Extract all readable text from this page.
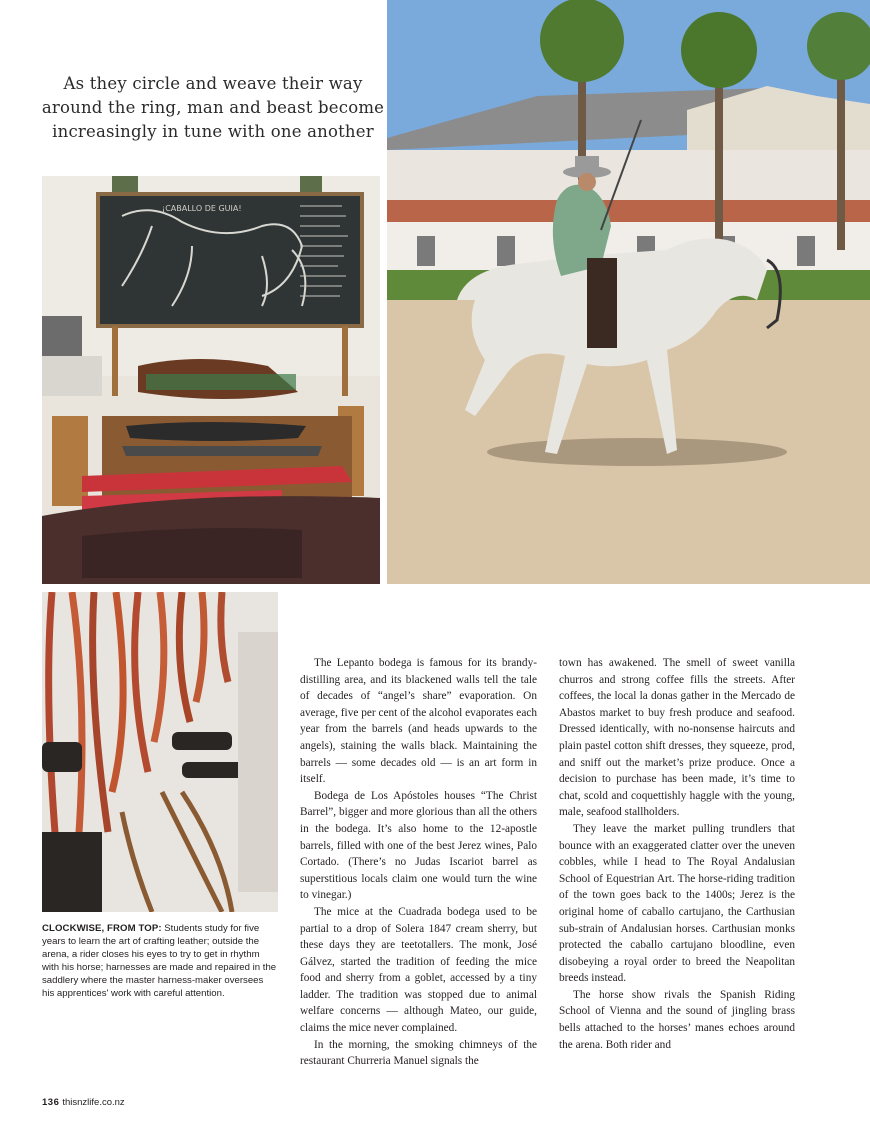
As they circle and weave their way around the ring, man and beast become increasingly in tune with one another
¡CABALLO DE GUIA!
CLOCKWISE, FROM TOP: Students study for five years to learn the art of crafting leather; outside the arena, a rider closes his eyes to try to get in rhythm with his horse; harnesses are made and repaired in the saddlery where the master harness-maker oversees his apprentices' work with careful attention.

The Lepanto bodega is famous for its brandy-distilling area, and its blackened walls tell the tale of decades of “angel’s share” evaporation. On average, five per cent of the alcohol evaporates each year from the barrels (and heads upwards to the angels), staining the walls black. Maintaining the barrels — some decades old — is an art form in itself.

Bodega de Los Apóstoles houses “The Christ Barrel”, bigger and more glorious than all the others in the bodega. It’s also home to the 12-apostle barrels, filled with one of the best Jerez wines, Palo Cortado. (There’s no Judas Iscariot barrel as superstitious locals claim one would turn the wine to vinegar.)

The mice at the Cuadrada bodega used to be partial to a drop of Solera 1847 cream sherry, but these days they are teetotallers. The monk, José Gálvez, started the tradition of feeding the mice food and sherry from a goblet, accessed by a tiny ladder. The tradition was stopped due to animal welfare concerns — although Mateo, our guide, claims the mice never complained.

In the morning, the smoking chimneys of the restaurant Churreria Manuel signals the

town has awakened. The smell of sweet vanilla churros and strong coffee fills the streets. After coffees, the local la donas gather in the Mercado de Abastos market to buy fresh produce and seafood. Dressed identically, with no-nonsense haircuts and plain pastel cotton shift dresses, they squeeze, prod, and sniff out the market’s prize produce. Once a decision to purchase has been made, it’s time to chat, scold and coquettishly haggle with the young, male, seafood stallholders.

They leave the market pulling trundlers that bounce with an exaggerated clatter over the uneven cobbles, while I head to The Royal Andalusian School of Equestrian Art. The horse-riding tradition of the town goes back to the 1400s; Jerez is the original home of caballo cartujano, the Carthusian sub-strain of Andalusian horses. Carthusian monks protected the caballo cartujano bloodline, even disobeying a royal order to breed the Neapolitan breeds instead.

The horse show rivals the Spanish Riding School of Vienna and the sound of jingling brass bells attached to the horses’ manes echoes around the arena. Both rider and

136 thisnzlife.co.nz
